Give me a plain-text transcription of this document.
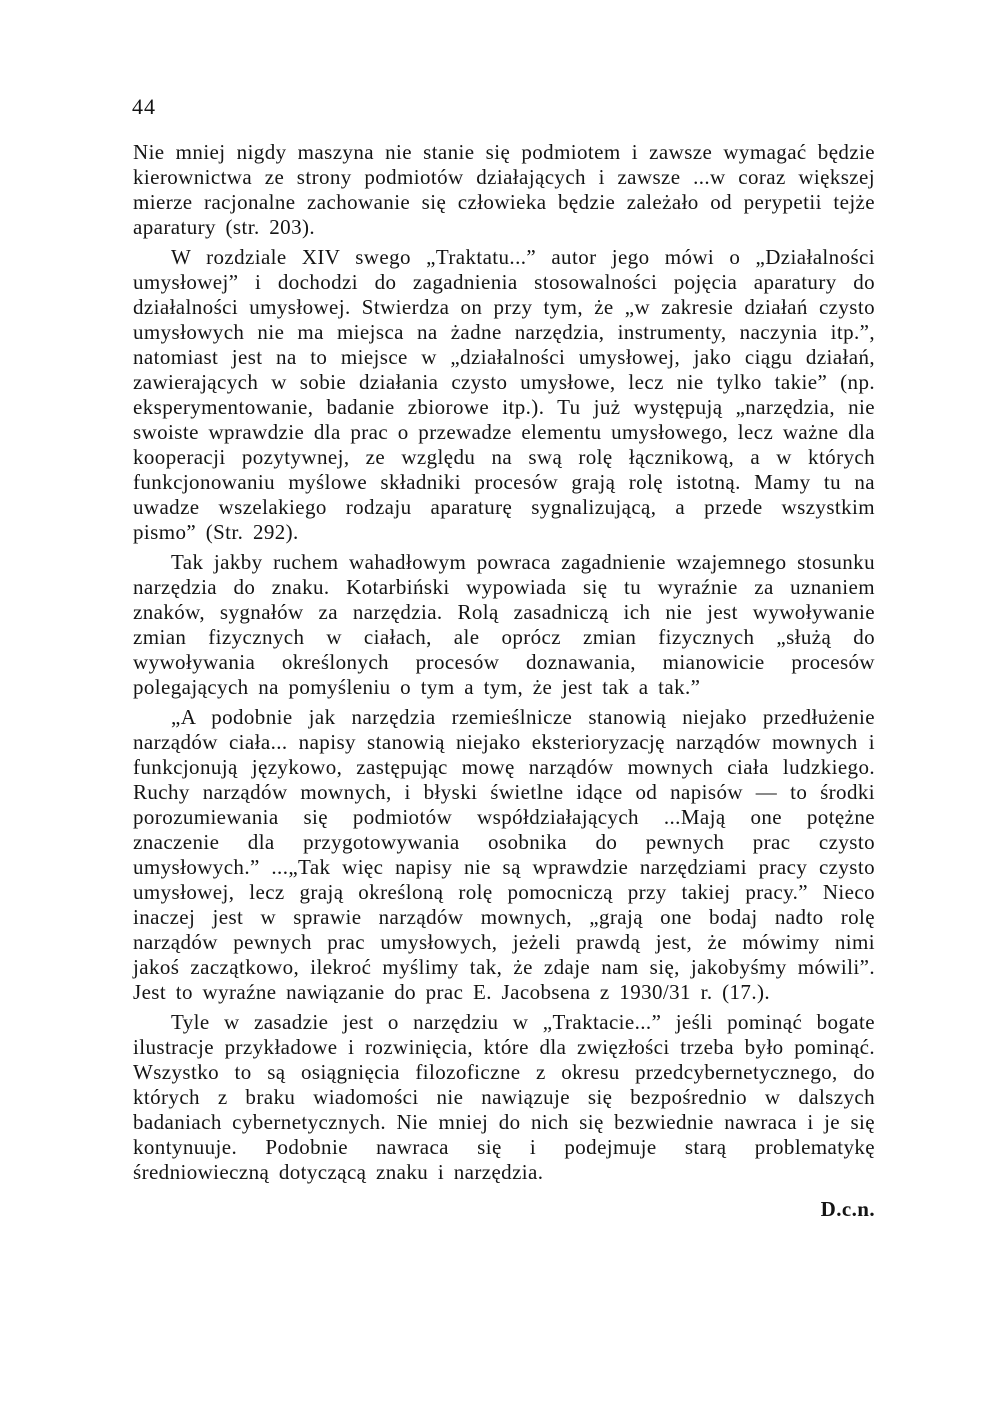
44

Nie mniej nigdy maszyna nie stanie się podmiotem i zawsze wymagać będzie kierownictwa ze strony podmiotów działających i zawsze ...w coraz większej mierze racjonalne zachowanie się człowieka będzie zależało od perypetii tejże aparatury (str. 203).

W rozdziale XIV swego „Traktatu...” autor jego mówi o „Działalności umysłowej” i dochodzi do zagadnienia stosowalności pojęcia aparatury do działalności umysłowej. Stwierdza on przy tym, że „w zakresie działań czysto umysłowych nie ma miejsca na żadne narzędzia, instrumenty, naczynia itp.”, natomiast jest na to miejsce w „działalności umysłowej, jako ciągu działań, zawierających w sobie działania czysto umysłowe, lecz nie tylko takie” (np. eksperymentowanie, badanie zbiorowe itp.). Tu już występują „narzędzia, nie swoiste wprawdzie dla prac o przewadze elementu umysłowego, lecz ważne dla kooperacji pozytywnej, ze względu na swą rolę łącznikową, a w których funkcjonowaniu myślowe składniki procesów grają rolę istotną. Mamy tu na uwadze wszelakiego rodzaju aparaturę sygnalizującą, a przede wszystkim pismo” (Str. 292).

Tak jakby ruchem wahadłowym powraca zagadnienie wzajemnego stosunku narzędzia do znaku. Kotarbiński wypowiada się tu wyraźnie za uznaniem znaków, sygnałów za narzędzia. Rolą zasadniczą ich nie jest wywoływanie zmian fizycznych w ciałach, ale oprócz zmian fizycznych „służą do wywoływania określonych procesów doznawania, mianowicie procesów polegających na pomyśleniu o tym a tym, że jest tak a tak.”

„A podobnie jak narzędzia rzemieślnicze stanowią niejako przedłużenie narządów ciała... napisy stanowią niejako eksterioryzację narządów mownych i funkcjonują językowo, zastępując mowę narządów mownych ciała ludzkiego. Ruchy narządów mownych, i błyski świetlne idące od napisów — to środki porozumiewania się podmiotów współdziałających ...Mają one potężne znaczenie dla przygotowywania osobnika do pewnych prac czysto umysłowych.” ...„Tak więc napisy nie są wprawdzie narzędziami pracy czysto umysłowej, lecz grają określoną rolę pomocniczą przy takiej pracy.” Nieco inaczej jest w sprawie narządów mownych, „grają one bodaj nadto rolę narządów pewnych prac umysłowych, jeżeli prawdą jest, że mówimy nimi jakoś zaczątkowo, ilekroć myślimy tak, że zdaje nam się, jakobyśmy mówili”. Jest to wyraźne nawiązanie do prac E. Jacobsena z 1930/31 r. (17.).

Tyle w zasadzie jest o narzędziu w „Traktacie...” jeśli pominąć bogate ilustracje przykładowe i rozwinięcia, które dla zwięzłości trzeba było pominąć. Wszystko to są osiągnięcia filozoficzne z okresu przedcybernetycznego, do których z braku wiadomości nie nawiązuje się bezpośrednio w dalszych badaniach cybernetycznych. Nie mniej do nich się bezwiednie nawraca i je się kontynuuje. Podobnie nawraca się i podejmuje starą problematykę średniowieczną dotyczącą znaku i narzędzia.

D.c.n.
